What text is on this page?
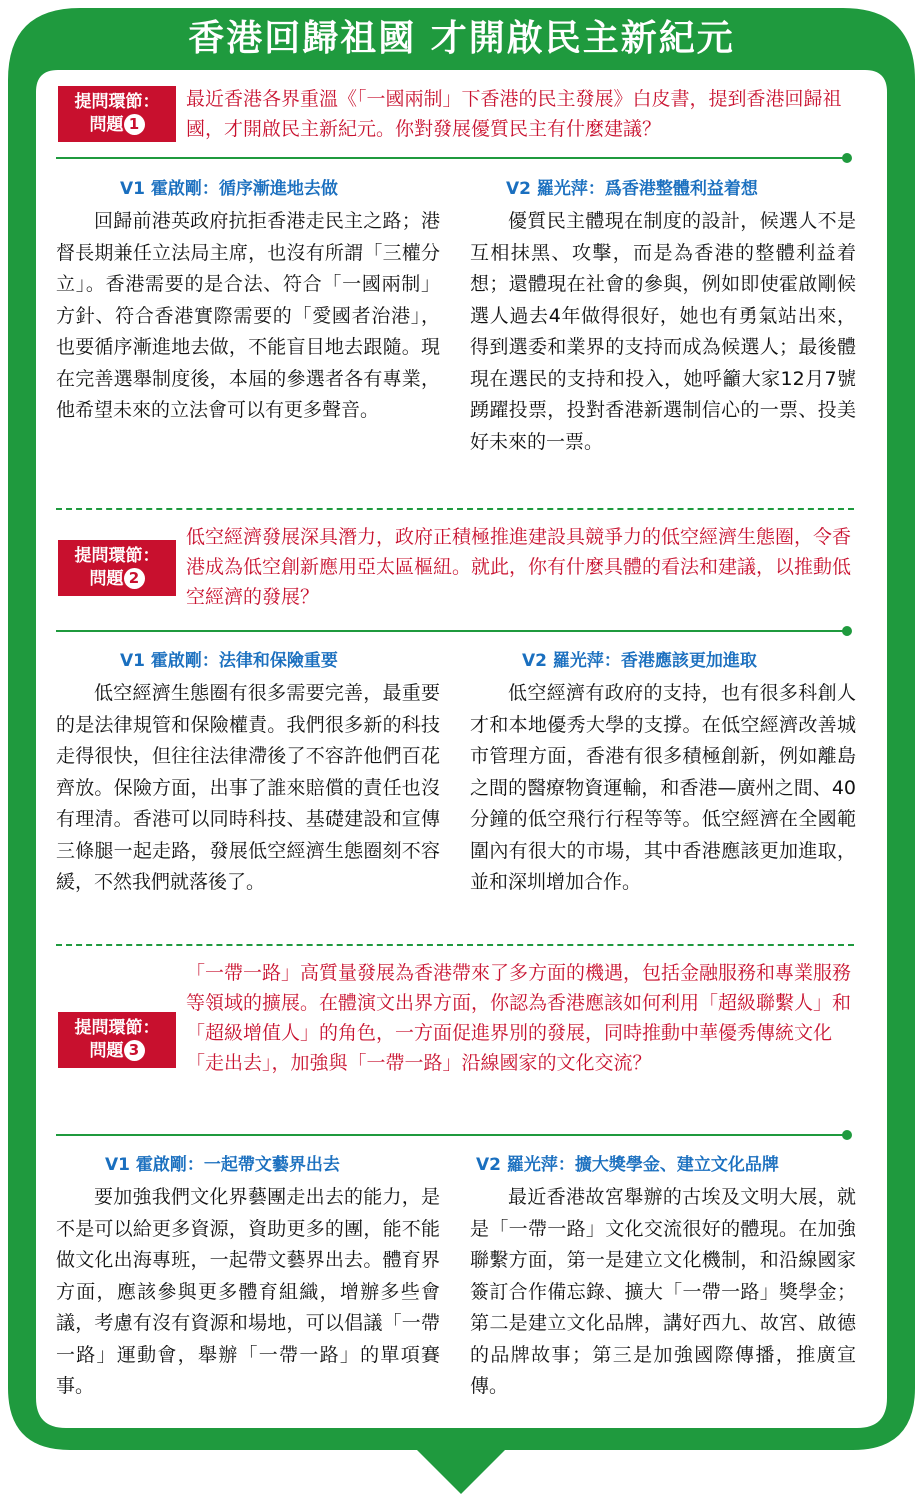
香港回歸祖國 才開啟民主新紀元
提問環節：
問題 1
最近香港各界重溫《「一國兩制」下香港的民主發展》白皮書，提到香港回歸祖國，才開啟民主新紀元。你對發展優質民主有什麼建議？
V1 霍啟剛：循序漸進地去做	V2 羅光萍：爲香港整體利益着想
回歸前港英政府抗拒香港走民主之路；港督長期兼任立法局主席，也沒有所謂「三權分立」。香港需要的是合法、符合「一國兩制」方針、符合香港實際需要的「愛國者治港」，也要循序漸進地去做，不能盲目地去跟隨。現在完善選舉制度後，本屆的參選者各有專業，他希望未來的立法會可以有更多聲音。
優質民主體現在制度的設計，候選人不是互相抹黑、攻擊，而是為香港的整體利益着想；還體現在社會的參與，例如即使霍啟剛候選人過去4年做得很好，她也有勇氣站出來，得到選委和業界的支持而成為候選人；最後體現在選民的支持和投入，她呼籲大家12月7號踴躍投票，投對香港新選制信心的一票、投美好未來的一票。
提問環節：
問題 2
低空經濟發展深具潛力，政府正積極推進建設具競爭力的低空經濟生態圈，令香港成為低空創新應用亞太區樞紐。就此，你有什麼具體的看法和建議，以推動低空經濟的發展？
V1 霍啟剛：法律和保險重要	V2 羅光萍：香港應該更加進取
低空經濟生態圈有很多需要完善，最重要的是法律規管和保險權責。我們很多新的科技走得很快，但往往法律滯後了不容許他們百花齊放。保險方面，出事了誰來賠償的責任也沒有理清。香港可以同時科技、基礎建設和宣傳三條腿一起走路，發展低空經濟生態圈刻不容緩，不然我們就落後了。
低空經濟有政府的支持，也有很多科創人才和本地優秀大學的支撐。在低空經濟改善城市管理方面，香港有很多積極創新，例如離島之間的醫療物資運輸，和香港—廣州之間、40分鐘的低空飛行行程等等。低空經濟在全國範圍內有很大的市場，其中香港應該更加進取，並和深圳增加合作。
提問環節：
問題 3
「一帶一路」高質量發展為香港帶來了多方面的機遇，包括金融服務和專業服務等領域的擴展。在體演文出界方面，你認為香港應該如何利用「超級聯繫人」和「超級增值人」的角色，一方面促進界別的發展，同時推動中華優秀傳統文化「走出去」，加強與「一帶一路」沿線國家的文化交流？
V1 霍啟剛：一起帶文藝界出去	V2 羅光萍：擴大獎學金、建立文化品牌
要加強我們文化界藝團走出去的能力，是不是可以給更多資源，資助更多的團，能不能做文化出海專班，一起帶文藝界出去。體育界方面，應該參與更多體育組織，增辦多些會議，考慮有沒有資源和場地，可以倡議「一帶一路」運動會，舉辦「一帶一路」的單項賽事。
最近香港故宮舉辦的古埃及文明大展，就是「一帶一路」文化交流很好的體現。在加強聯繫方面，第一是建立文化機制，和沿線國家簽訂合作備忘錄、擴大「一帶一路」獎學金；第二是建立文化品牌，講好西九、故宮、啟德的品牌故事；第三是加強國際傳播，推廣宣傳。
